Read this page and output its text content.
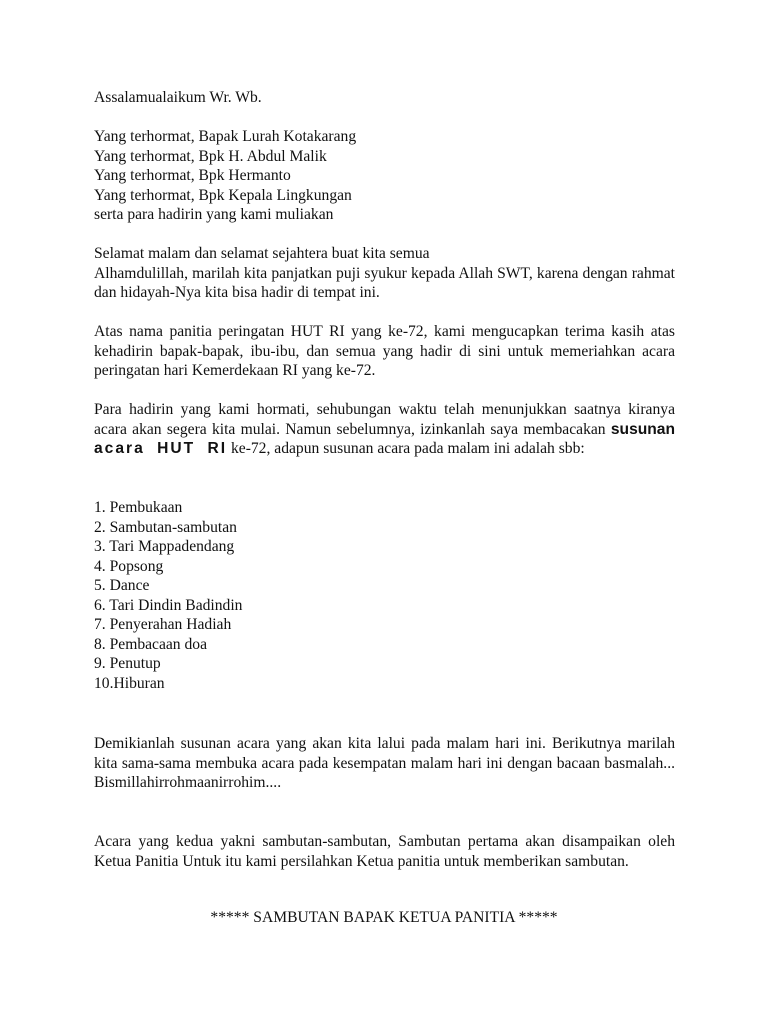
Assalamualaikum Wr. Wb.

Yang terhormat, Bapak Lurah Kotakarang
Yang terhormat, Bpk H. Abdul Malik
Yang terhormat, Bpk Hermanto
Yang terhormat, Bpk Kepala Lingkungan
serta para hadirin yang kami muliakan
Selamat malam dan selamat sejahtera buat kita semua
Alhamdulillah, marilah kita panjatkan puji syukur kepada Allah SWT, karena dengan rahmat dan hidayah-Nya kita bisa hadir di tempat ini.

Atas nama panitia peringatan HUT RI yang ke-72, kami mengucapkan terima kasih atas kehadirin bapak-bapak, ibu-ibu, dan semua yang hadir di sini untuk memeriahkan acara peringatan hari Kemerdekaan RI yang ke-72.

Para hadirin yang kami hormati, sehubungan waktu telah menunjukkan saatnya kiranya acara akan segera kita mulai. Namun sebelumnya, izinkanlah saya membacakan susunan acara HUT RI ke-72, adapun susunan acara pada malam ini adalah sbb:

1. Pembukaan
2. Sambutan-sambutan
3. Tari Mappadendang
4. Popsong
5. Dance
6. Tari Dindin Badindin
7. Penyerahan Hadiah
8. Pembacaan doa
9. Penutup
10.Hiburan

Demikianlah susunan acara yang akan kita lalui pada malam hari ini. Berikutnya marilah kita sama-sama membuka acara pada kesempatan malam hari ini dengan bacaan basmalah... Bismillahirrohmaanirrohim....

Acara yang kedua yakni sambutan-sambutan, Sambutan pertama akan disampaikan oleh Ketua Panitia Untuk itu kami persilahkan Ketua panitia untuk memberikan sambutan.

***** SAMBUTAN BAPAK KETUA PANITIA *****
